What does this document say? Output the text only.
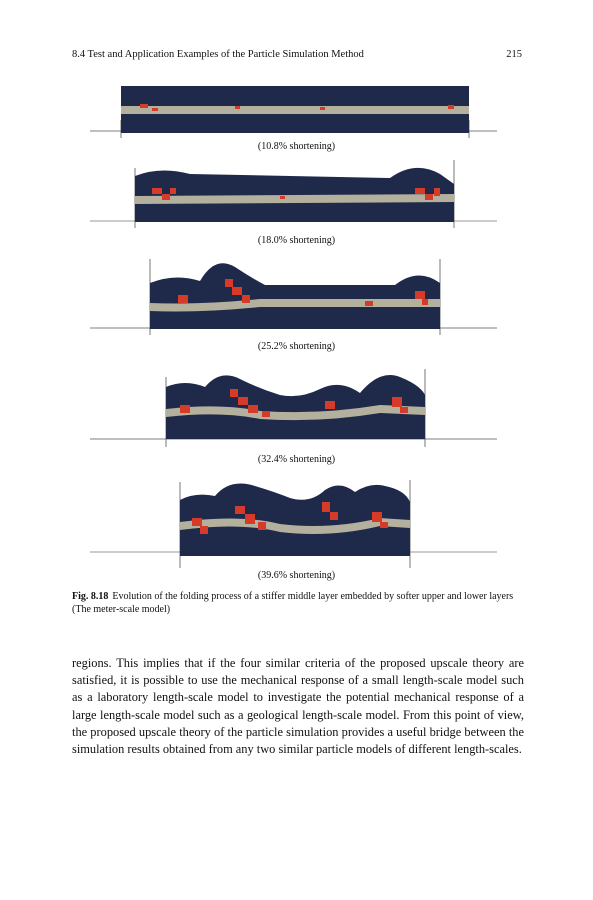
8.4 Test and Application Examples of the Particle Simulation Method	215
(10.8% shortening)
(18.0% shortening)
(25.2% shortening)
(32.4% shortening)
(39.6% shortening)
Fig. 8.18 Evolution of the folding process of a stiffer middle layer embedded by softer upper and lower layers (The meter-scale model)
regions. This implies that if the four similar criteria of the proposed upscale theory are satisfied, it is possible to use the mechanical response of a small length-scale model such as a laboratory length-scale model to investigate the potential mechanical response of a large length-scale model such as a geological length-scale model. From this point of view, the proposed upscale theory of the particle simulation provides a useful bridge between the simulation results obtained from any two similar particle models of different length-scales.
